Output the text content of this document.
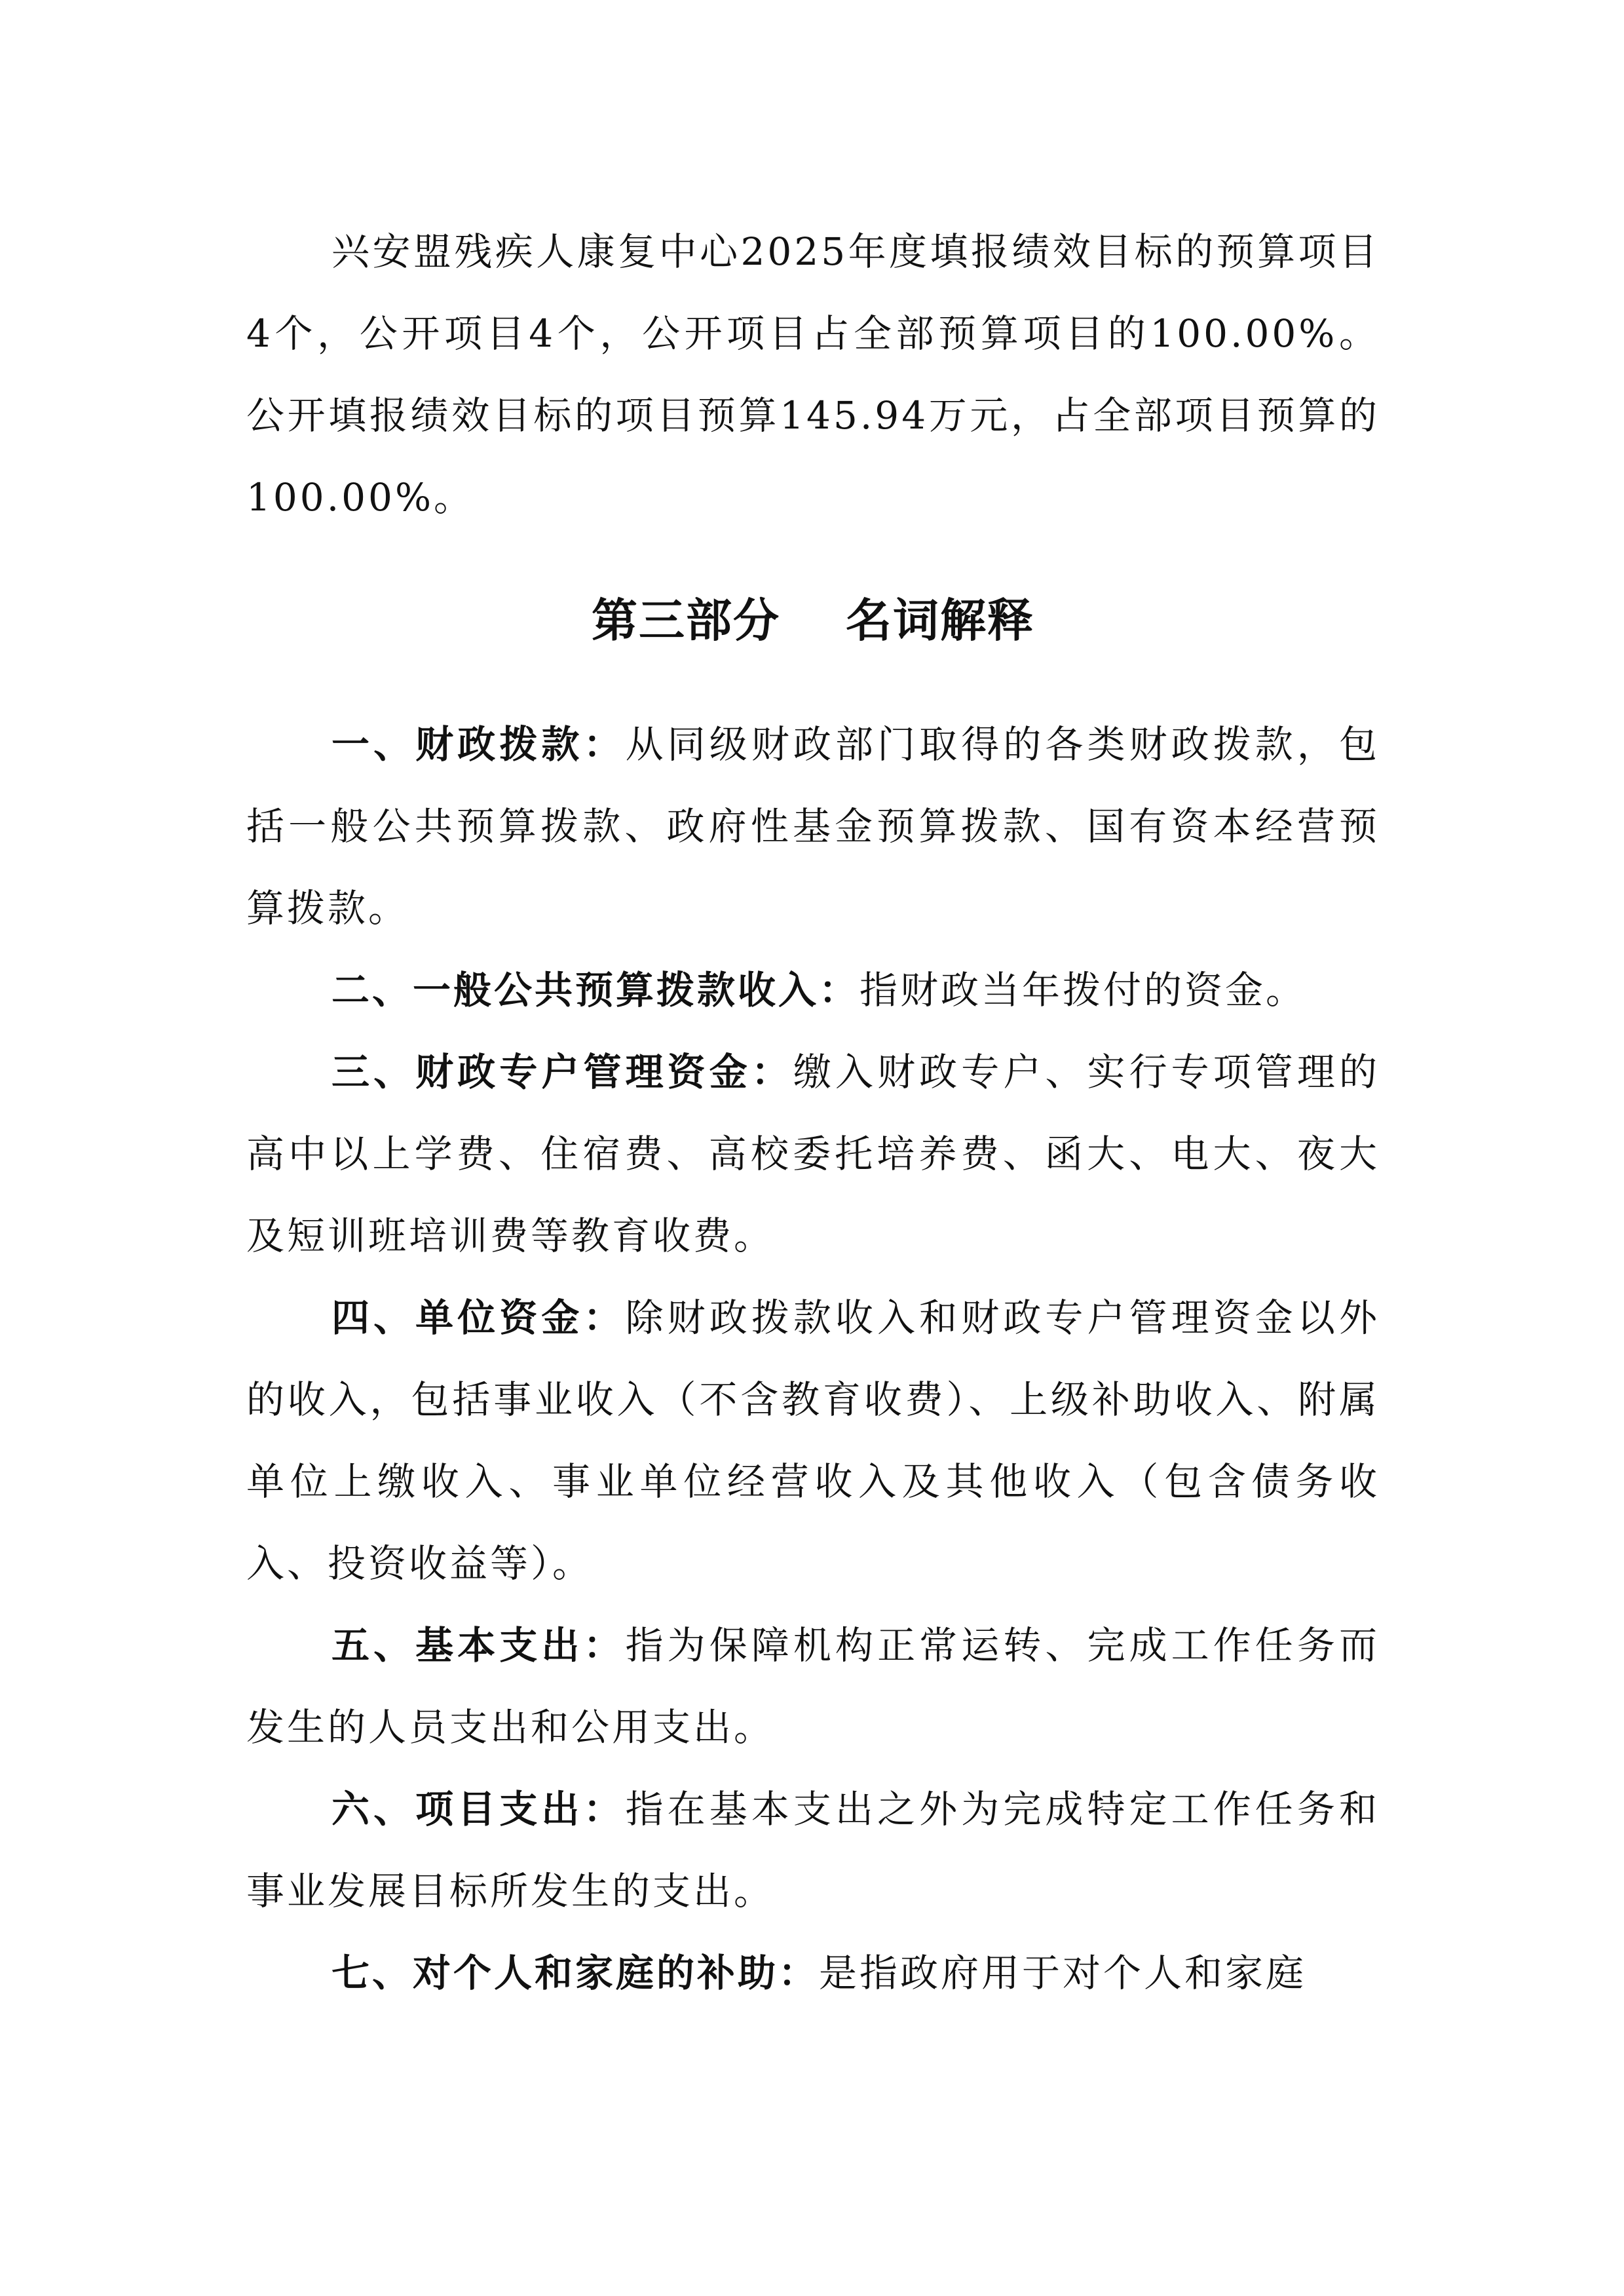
兴安盟残疾人康复中心2025年度填报绩效目标的预算项目4个，公开项目4个，公开项目占全部预算项目的100.00%。公开填报绩效目标的项目预算145.94万元，占全部项目预算的100.00%。

第三部分 名词解释

一、财政拨款：从同级财政部门取得的各类财政拨款，包括一般公共预算拨款、政府性基金预算拨款、国有资本经营预算拨款。

二、一般公共预算拨款收入：指财政当年拨付的资金。

三、财政专户管理资金：缴入财政专户、实行专项管理的高中以上学费、住宿费、高校委托培养费、函大、电大、夜大及短训班培训费等教育收费。

四、单位资金：除财政拨款收入和财政专户管理资金以外的收入，包括事业收入（不含教育收费）、上级补助收入、附属单位上缴收入、事业单位经营收入及其他收入（包含债务收入、投资收益等）。

五、基本支出：指为保障机构正常运转、完成工作任务而发生的人员支出和公用支出。

六、项目支出：指在基本支出之外为完成特定工作任务和事业发展目标所发生的支出。

七、对个人和家庭的补助：是指政府用于对个人和家庭
